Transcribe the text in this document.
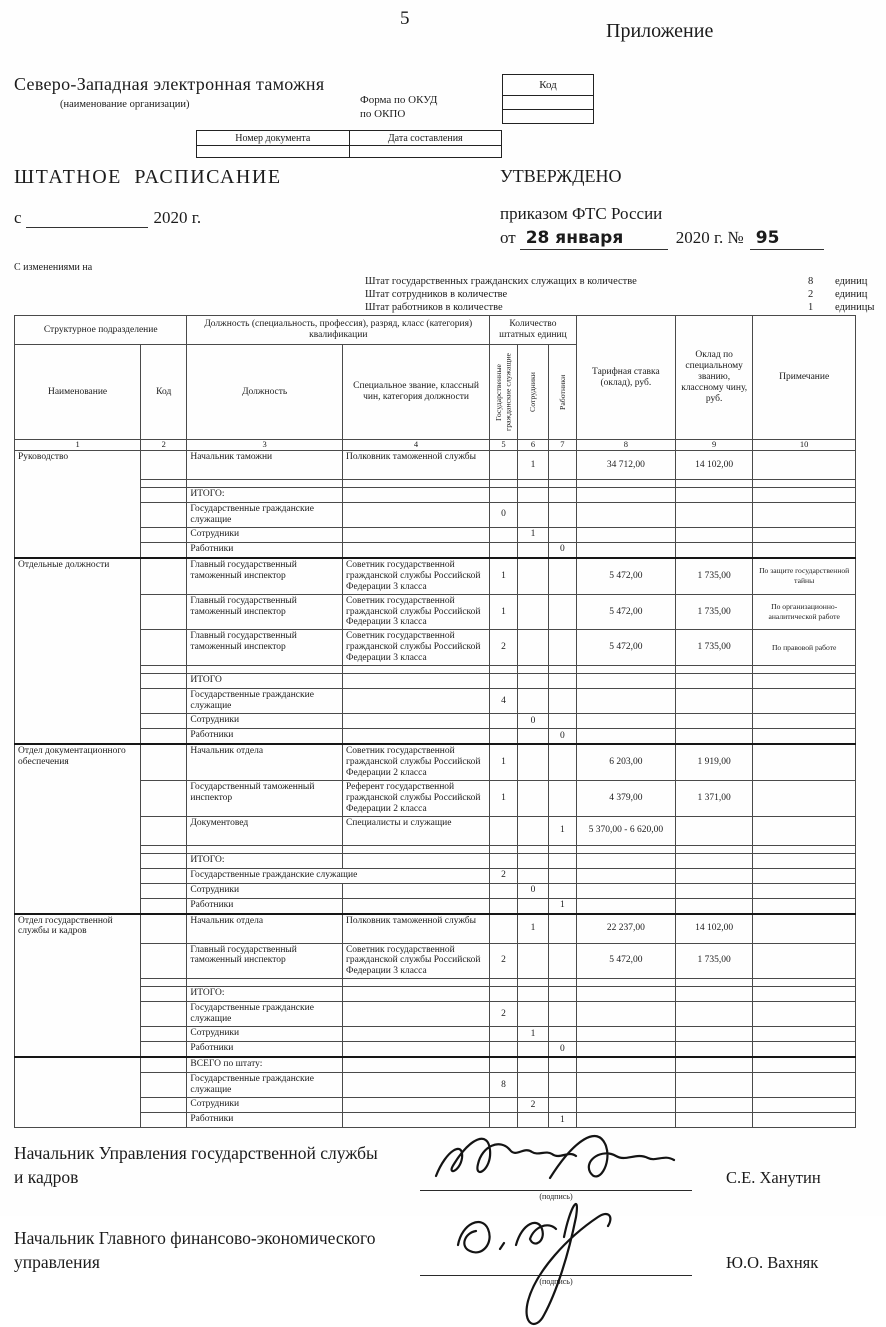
5
Приложение
Северо-Западная электронная таможня
(наименование организации)	Форма по ОКУД
по ОКПО
Код
Номер документа	Дата составления

ШТАТНОЕ РАСПИСАНИЕ
с	2020 г.
УТВЕРЖДЕНО
приказом ФТС России
от 28 января	2020 г. № 95
С изменениями на
Штат государственных гражданских служащих в количестве	8 единиц
Штат сотрудников в количестве	2 единиц
Штат работников в количестве	1 единицы
Структурное подразделение		Должность (специальность, профессия), разряд, класс (категория) квалификации		Количество штатных единиц			Тарифная ставка (оклад), руб.	Оклад по специальному званию, классному чину, руб.	Примечание

				Государственные гражданские служащие	Сотрудники	Работники			

Наименование	Код	Должность	Специальное звание, классный чин, категория должности						
1	2	3	4	5	6	7	8	9	10
Руководство		Начальник таможни	Полковник таможенной службы		1		34 712,00	14 102,00	

		ИТОГО:							
		Государственные гражданские служащие		0					
		Сотрудники			1				
		Работники				0			
Отдельные должности		Главный государственный таможенный инспектор	Советник государственной гражданской службы Российской Федерации 3 класса	1			5 472,00	1 735,00	По защите государственной тайны
		Главный государственный таможенный инспектор	Советник государственной гражданской службы Российской Федерации 3 класса	1			5 472,00	1 735,00	По организационно-аналитической работе
		Главный государственный таможенный инспектор	Советник государственной гражданской службы Российской Федерации 3 класса	2			5 472,00	1 735,00	По правовой работе

		ИТОГО							
		Государственные гражданские служащие		4					
		Сотрудники			0				
		Работники				0			
Отдел документационного обеспечения		Начальник отдела	Советник государственной гражданской службы Российской Федерации 2 класса	1			6 203,00	1 919,00	
		Государственный таможенный инспектор	Референт государственной гражданской службы Российской Федерации 2 класса	1			4 379,00	1 371,00	
		Документовед	Специалисты и служащие			1	5 370,00 - 6 620,00		

		ИТОГО:							
		Государственные гражданские служащие		2					
		Сотрудники			0				
		Работники				1			
Отдел государственной службы и кадров		Начальник отдела	Полковник таможенной службы		1		22 237,00	14 102,00	
		Главный государственный таможенный инспектор	Советник государственной гражданской службы Российской Федерации 3 класса	2			5 472,00	1 735,00	

		ИТОГО:							
		Государственные гражданские служащие		2					
		Сотрудники			1				
		Работники				0			
		ВСЕГО по штату:							
		Государственные гражданские служащие		8					
		Сотрудники			2				
		Работники				1			
Начальник Управления государственной службы и кадров
(подпись)
С.Е. Ханутин
Начальник Главного финансово-экономического управления
(подпись)
Ю.О. Вахняк
